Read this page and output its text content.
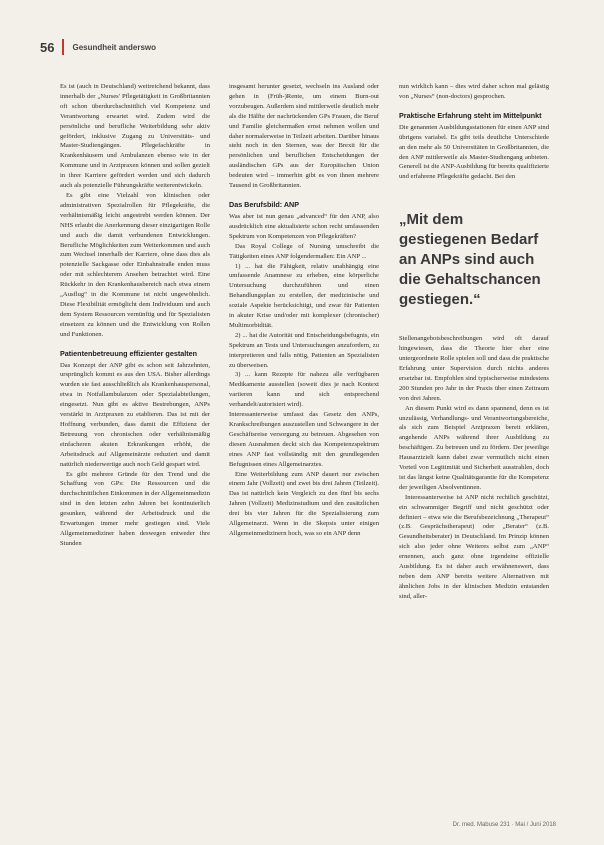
56 Gesundheit anderswo

Es ist (auch in Deutschland) weitreichend bekannt, dass innerhalb der „Nurses' Pflegetätigkeit in Großbritannien oft schon überdurchschnittlich viel Kompetenz und Verantwortung erwartet wird. Zudem wird die persönliche und berufliche Weiterbildung sehr aktiv gefördert, inklusive Zugang zu Universitäts- und Master-Studiengängen. Pflegefachkräfte in Krankenhäusern und Ambulanzen ebenso wie in der Kommune und in Arztpraxen können und sollen gezielt in ihrer Karriere gefördert werden und sich dadurch auch als potenzielle Führungskräfte weiterentwickeln.

Es gibt eine Vielzahl von klinischen oder administrativen Spezialrollen für Pflegekräfte, die verhältnismäßig leicht angestrebt werden können. Der NHS erlaubt die Anerkennung dieser einzigartigen Rolle und auch die damit verbundenen Entwicklungen. Berufliche Möglichkeiten zum Weiterkommen und auch zum Wechsel innerhalb der Karriere, ohne dass dies als potenzielle Sackgasse oder Einbahnstraße enden muss oder mit schlechterem Ansehen betrachtet wird. Eine Rückkehr in den Krankenhausbereich nach etwa einem „Ausflug“ in die Kommune ist nicht ungewöhnlich. Diese Flexibilität ermöglicht dem Individuum und auch dem System Ressourcen vernünftig und für Spezialisten einsetzen zu können und die Entwicklung von Rollen und Funktionen.

Patientenbetreuung effizienter gestalten

Das Konzept der ANP gibt es schon seit Jahrzehnten, ursprünglich kommt es aus den USA. Bisher allerdings wurden sie fast ausschließlich als Krankenhauspersonal, etwa in Notfallambulanzen oder Spezialabteilungen, eingesetzt. Nun gibt es aktive Bestrebungen, ANPs verstärkt in Arztpraxen zu etablieren. Das ist mit der Hoffnung verbunden, dass damit die Effizienz der Betreuung von chronischen oder verhältnismäßig einfacheren akuten Erkrankungen erhöht, die Arbeitsdruck auf Allgemeinärzte reduziert und damit natürlich niederwertige auch noch Geld gespart wird.

Es gibt mehrere Gründe für den Trend und die Schaffung von GPs: Die Ressourcen und die durchschnittlichen Einkommen in der Allgemeinmedizin sind in den letzten zehn Jahren bei kontinuierlich gesunken, während der Arbeitsdruck und die Erwartungen immer mehr gestiegen sind. Viele Allgemeinmediziner haben deswegen entweder ihre Stunden

insgesamt herunter gesetzt, wechseln ins Ausland oder gehen in (Früh-)Rente, um einem Burn-out vorzubeugen. Außerdem sind mittlerweile deutlich mehr als die Hälfte der nachrückenden GPs Frauen, die Beruf und Familie gleichermaßen ernst nehmen wollen und daher normalerweise in Teilzeit arbeiten. Darüber hinaus steht noch in den Sternen, was der Brexit für die persönlichen und beruflichen Entscheidungen der ausländischen GPs aus der Europäischen Union bedeuten wird – immerhin gibt es von ihnen mehrere Tausend in Großbritannien.

Das Berufsbild: ANP

Was aber ist nun genau „advanced“ für den ANP, also ausdrücklich eine aktualisierte schon recht umfassenden Spektrum von Kompetenzen von Pflegekräften?

Das Royal College of Nursing umschreibt die Tätigkeiten eines ANP folgendermaßen: Ein ANP ...

1) ... hat die Fähigkeit, relativ unabhängig eine umfassende Anamnese zu erheben, eine körperliche Untersuchung durchzuführen und einen Behandlungsplan zu erstellen, der medizinische und soziale Aspekte berücksichtigt, und zwar für Patienten in akuter Krise und/oder mit komplexer (chronischer) Multimorbidität.

2) ... hat die Autorität und Entscheidungsbefugnis, ein Spektrum an Tests und Untersuchungen anzufordern, zu interpretieren und falls nötig, Patienten an Spezialisten zu überweisen.

3) ... kann Rezepte für nahezu alle verfügbaren Medikamente ausstellen (soweit dies je nach Kontext variieren kann und sich entsprechend verhandelt/autorisiert wird).

Interessanterweise umfasst das Gesetz den ANPs, Krankschreibungen auszustellen und Schwangere in der Geschäftsreise versorgung zu betreuen. Abgesehen von diesen Ausnahmen deckt sich das Kompetenzspektrum eines ANP fast vollständig mit den grundlegenden Befugnissen eines Allgemeinarztes.

Eine Weiterbildung zum ANP dauert nur zwischen einem Jahr (Vollzeit) und zwei bis drei Jahren (Teilzeit). Das ist natürlich kein Vergleich zu den fünf bis sechs Jahren (Vollzeit) Medizinstudium und den zusätzlichen drei bis vier Jahren für die Spezialisierung zum Allgemeinarzt. Wenn in die Skepsis unter einigen Allgemeinmedizinern hoch, was so ein ANP denn

nun wirklich kann – dies wird daher schon mal gelästig von „Nurses“ (non-doctors) gesprochen.

Praktische Erfahrung steht im Mittelpunkt

Die genannten Ausbildungsstationen für einen ANP sind übrigens variabel. Es gibt teils deutliche Unterschiede an den mehr als 50 Universitäten in Großbritannien, die den ANP mittlerweile als Master-Studiengang anbieten. Generell ist die ANP-Ausbildung für bereits qualifizierte und erfahrene Pflegekräfte gedacht. Bei den

„Mit dem gestiegenen Bedarf an ANPs sind auch die Gehaltschancen gestiegen.“

Stellenangebotsbeschreibungen wird oft darauf hingewiesen, dass die Theorie hier eher eine untergeordnete Rolle spielen soll und dass die praktische Erfahrung unter Supervision durch nichts anderes ersetzbar ist. Empfohlen sind typischerweise mindestens 200 Stunden pro Jahr in der Praxis über einen Zeitraum von drei Jahren.

An diesem Punkt wird es dann spannend, denn es ist unzulässig, Verhandlungs- und Verantwortungsbereiche, als sich zum Beispiel Arztpraxen bereit erklären, angehende ANPs während ihrer Ausbildung zu beschäftigen. Zu betreuen und zu fördern. Der jeweilige Hausarztzielt kann dabei zwar vermutlich nicht einen Vorteil von Legitimität und Sicherheit ausstrahlen, doch ist das längst keine Qualitätsgarantie für die Kompetenz der jeweiligen Absolventinnen.

Interessanterweise ist ANP nicht rechtlich geschützt, ein schwammiger Begriff und nicht geschützt oder definiert – etwa wie die Berufsbezeichnung „Therapeut“ (z.B. Gesprächstherapeut) oder „Berater“ (z.B. Gesundheitsberater) in Deutschland. Im Prinzip können sich also jeder ohne Weiteres selbst zum „ANP“ ernennen, auch ganz ohne irgendeine offizielle Ausbildung. Es ist daher auch erwähnenswert, dass neben dem ANP bereits weitere Alternativen mit ähnlichen Jobs in der klinischen Medizin entstanden sind, aller-

Dr. med. Mabuse 231 · Mai / Juni 2018
